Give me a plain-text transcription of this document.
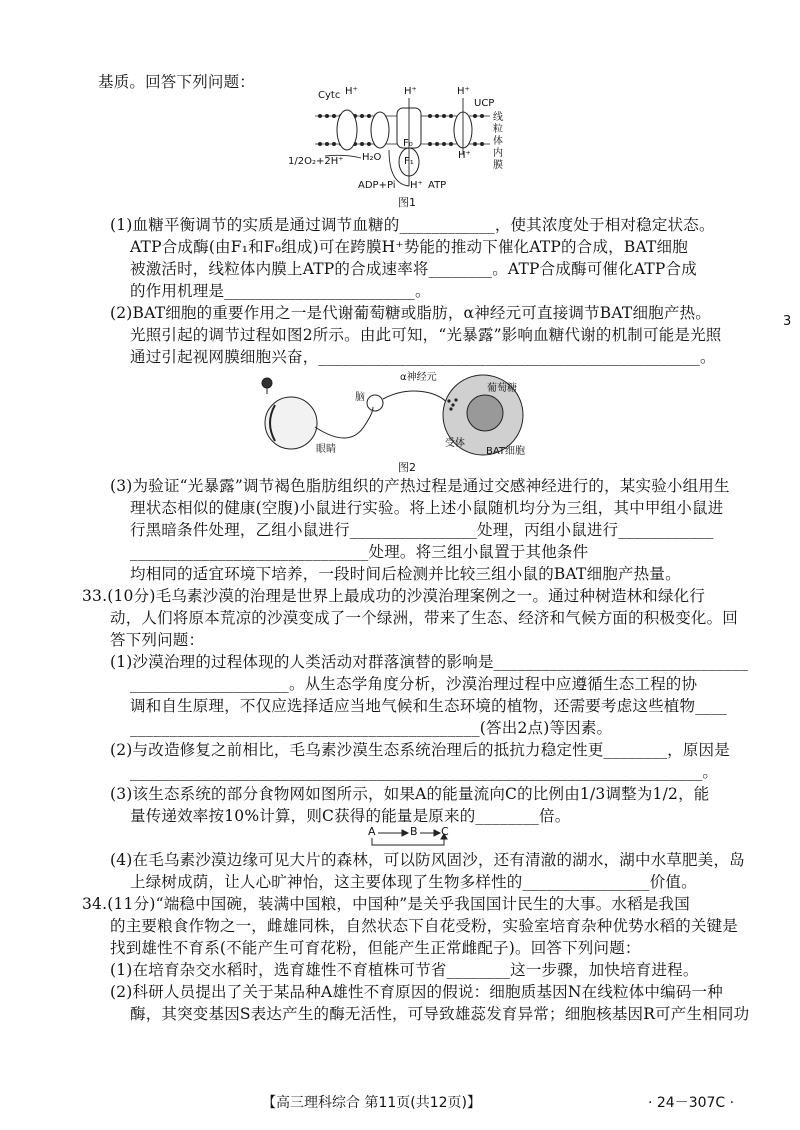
基质。回答下列问题：
Cytc H⁺	H⁺	H⁺
UCP
线粒体内膜
1/2O₂+2H⁺ H₂O
F₀
F₁
H⁺
ADP+Pi H⁺ ATP
图1
(1)血糖平衡调节的实质是通过调节血糖的____________，使其浓度处于相对稳定状态。
ATP合成酶(由F₁和F₀组成)可在跨膜H⁺势能的推动下催化ATP的合成，BAT细胞
被激活时，线粒体内膜上ATP的合成速率将________。ATP合成酶可催化ATP合成
的作用机理是________________________。
(2)BAT细胞的重要作用之一是代谢葡萄糖或脂肪，α神经元可直接调节BAT细胞产热。
光照引起的调节过程如图2所示。由此可知，“光暴露”影响血糖代谢的机制可能是光照
通过引起视网膜细胞兴奋，________________________________________________。
α神经元
脑
葡萄糖
眼睛
受体
BAT细胞
图2
(3)为验证“光暴露”调节褐色脂肪组织的产热过程是通过交感神经进行的，某实验小组用生
理状态相似的健康(空腹)小鼠进行实验。将上述小鼠随机均分为三组，其中甲组小鼠进
行黑暗条件处理，乙组小鼠进行________________处理，丙组小鼠进行____________
______________________________处理。将三组小鼠置于其他条件
均相同的适宜环境下培养，一段时间后检测并比较三组小鼠的BAT细胞产热量。
33.(10分)毛乌素沙漠的治理是世界上最成功的沙漠治理案例之一。通过种树造林和绿化行
动，人们将原本荒凉的沙漠变成了一个绿洲，带来了生态、经济和气候方面的积极变化。回
答下列问题：
(1)沙漠治理的过程体现的人类活动对群落演替的影响是________________________________
____________________。从生态学角度分析，沙漠治理过程中应遵循生态工程的协
调和自生原理，不仅应选择适应当地气候和生态环境的植物，还需要考虑这些植物____
____________________________________________(答出2点)等因素。
(2)与改造修复之前相比，毛乌素沙漠生态系统治理后的抵抗力稳定性更________，原因是
________________________________________________________________________。
(3)该生态系统的部分食物网如图所示，如果A的能量流向C的比例由1/3调整为1/2，能
量传递效率按10%计算，则C获得的能量是原来的________倍。
A	B C
(4)在毛乌素沙漠边缘可见大片的森林，可以防风固沙，还有清澈的湖水，湖中水草肥美，岛
上绿树成荫，让人心旷神怡，这主要体现了生物多样性的________________价值。
34.(11分)“端稳中国碗，装满中国粮，中国种”是关乎我国国计民生的大事。水稻是我国
的主要粮食作物之一，雌雄同株，自然状态下自花受粉，实验室培育杂种优势水稻的关键是
找到雄性不育系(不能产生可育花粉，但能产生正常雌配子)。回答下列问题：
(1)在培育杂交水稻时，选育雄性不育植株可节省________这一步骤，加快培育进程。
(2)科研人员提出了关于某品种A雄性不育原因的假说：细胞质基因N在线粒体中编码一种
酶，其突变基因S表达产生的酶无活性，可导致雄蕊发育异常；细胞核基因R可产生相同功
【高三理科综合 第11页(共12页)】	· 24－307C ·
3
